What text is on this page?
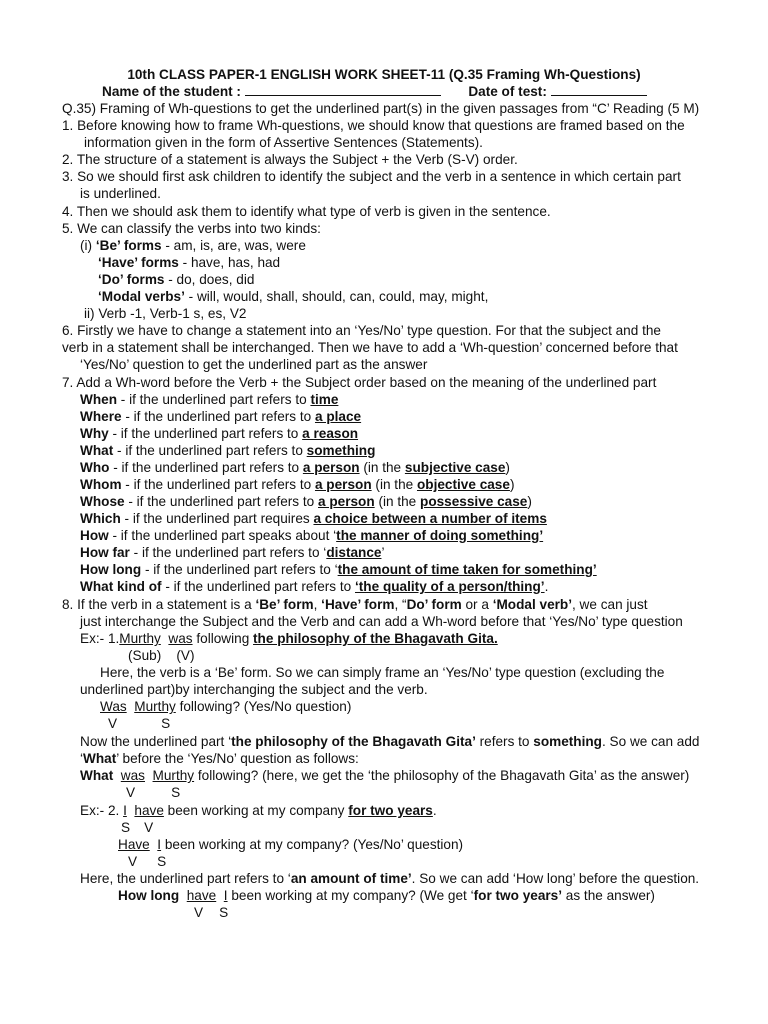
10th CLASS PAPER-1 ENGLISH WORK SHEET-11 (Q.35 Framing Wh-Questions)
Name of the student :	Date of test:
Q.35) Framing of Wh-questions to get the underlined part(s) in the given passages from “C’ Reading (5 M)
1. Before knowing how to frame Wh-questions, we should know that questions are framed based on the
information given in the form of Assertive Sentences (Statements).
2. The structure of a statement is always the Subject + the Verb (S-V) order.
3. So we should first ask children to identify the subject and the verb in a sentence in which certain part
is underlined.
4. Then we should ask them to identify what type of verb is given in the sentence.
5. We can classify the verbs into two kinds:
(i) ‘Be’ forms - am, is, are, was, were
‘Have’ forms - have, has, had
‘Do’ forms - do, does, did
‘Modal verbs’ - will, would, shall, should, can, could, may, might,
ii) Verb -1, Verb-1 s, es, V2
6. Firstly we have to change a statement into an ‘Yes/No’ type question. For that the subject and the
verb in a statement shall be interchanged. Then we have to add a ‘Wh-question’ concerned before that
‘Yes/No’ question to get the underlined part as the answer
7. Add a Wh-word before the Verb + the Subject order based on the meaning of the underlined part
When - if the underlined part refers to time
Where - if the underlined part refers to a place
Why - if the underlined part refers to a reason
What - if the underlined part refers to something
Who - if the underlined part refers to a person (in the subjective case)
Whom - if the underlined part refers to a person (in the objective case)
Whose - if the underlined part refers to a person (in the possessive case)
Which - if the underlined part requires a choice between a number of items
How - if the underlined part speaks about ‘the manner of doing something’
How far - if the underlined part refers to ‘distance’
How long - if the underlined part refers to ‘the amount of time taken for something’
What kind of - if the underlined part refers to ‘the quality of a person/thing’.
8. If the verb in a statement is a ‘Be’ form, ‘Have’ form, “Do’ form or a ‘Modal verb’, we can just
just interchange the Subject and the Verb and can add a Wh-word before that ‘Yes/No’ type question
Ex:- 1.Murthy was following the philosophy of the Bhagavath Gita.
(Sub)    (V)
Here, the verb is a ‘Be’ form. So we can simply frame an ‘Yes/No’ type question (excluding the
underlined part)by interchanging the subject and the verb.
Was Murthy following? (Yes/No question)
V	S
Now the underlined part ‘the philosophy of the Bhagavath Gita’ refers to something. So we can add
‘What’ before the ‘Yes/No’ question as follows:
What was Murthy following? (here, we get the ‘the philosophy of the Bhagavath Gita’ as the answer)
V	S
Ex:- 2. I have been working at my company for two years.
S V
Have I been working at my company? (Yes/No’ question)
V S
Here, the underlined part refers to ‘an amount of time’. So we can add ‘How long’ before the question.
How long have I been working at my company? (We get ‘for two years’ as the answer)
V S
